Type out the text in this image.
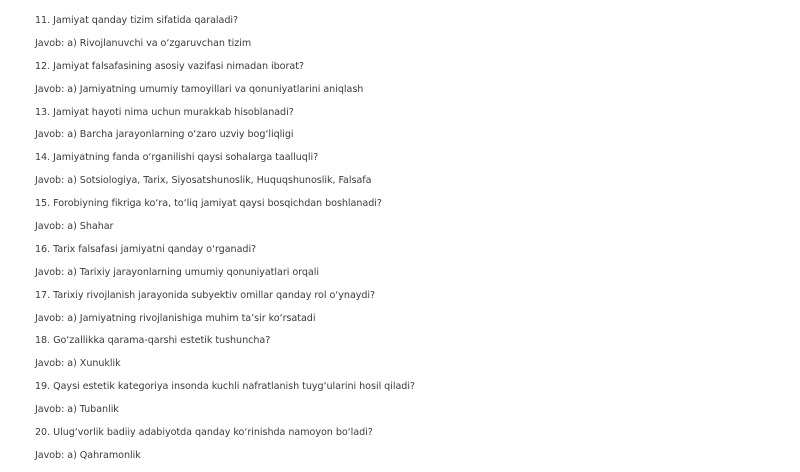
11. Jamiyat qanday tizim sifatida qaraladi?
Javob: a) Rivojlanuvchi va o‘zgaruvchan tizim
12. Jamiyat falsafasining asosiy vazifasi nimadan iborat?
Javob: a) Jamiyatning umumiy tamoyillari va qonuniyatlarini aniqlash
13. Jamiyat hayoti nima uchun murakkab hisoblanadi?
Javob: a) Barcha jarayonlarning o‘zaro uzviy bog‘liqligi
14. Jamiyatning fanda o‘rganilishi qaysi sohalarga taalluqli?
Javob: a) Sotsiologiya, Tarix, Siyosatshunoslik, Huquqshunoslik, Falsafa
15. Forobiyning fikriga ko‘ra, to‘liq jamiyat qaysi bosqichdan boshlanadi?
Javob: a) Shahar
16. Tarix falsafasi jamiyatni qanday o‘rganadi?
Javob: a) Tarixiy jarayonlarning umumiy qonuniyatlari orqali
17. Tarixiy rivojlanish jarayonida subyektiv omillar qanday rol o‘ynaydi?
Javob: a) Jamiyatning rivojlanishiga muhim ta’sir ko‘rsatadi
18. Go‘zallikka qarama-qarshi estetik tushuncha?
Javob: a) Xunuklik
19. Qaysi estetik kategoriya insonda kuchli nafratlanish tuyg‘ularini hosil qiladi?
Javob: a) Tubanlik
20. Ulug‘vorlik badiiy adabiyotda qanday ko‘rinishda namoyon bo‘ladi?
Javob: a) Qahramonlik
